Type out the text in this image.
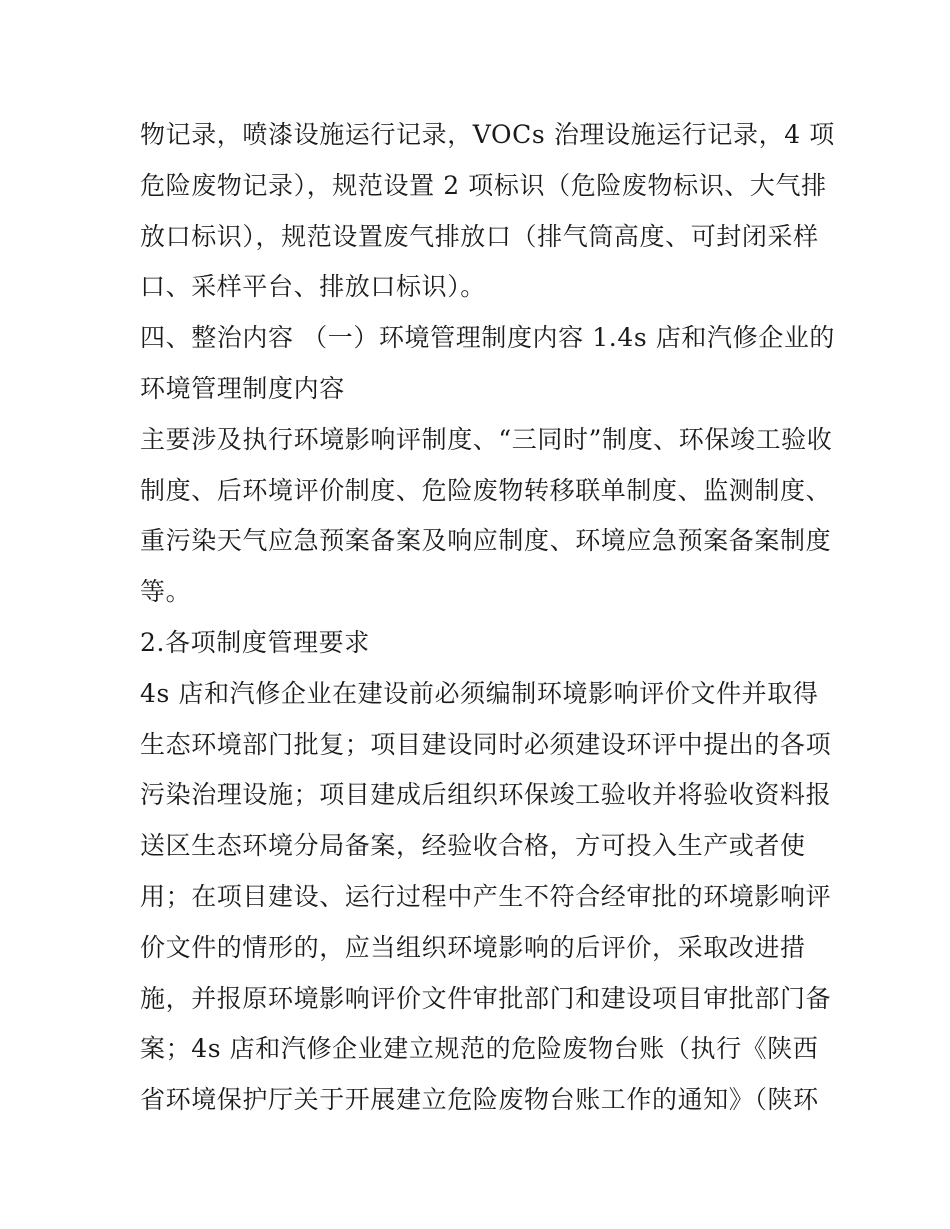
物记录，喷漆设施运行记录，VOCs 治理设施运行记录，4 项
危险废物记录），规范设置 2 项标识（危险废物标识、大气排
放口标识），规范设置废气排放口（排气筒高度、可封闭采样
口、采样平台、排放口标识）。
四、整治内容 （一）环境管理制度内容 1.4s 店和汽修企业的
环境管理制度内容
主要涉及执行环境影响评制度、“三同时”制度、环保竣工验收
制度、后环境评价制度、危险废物转移联单制度、监测制度、
重污染天气应急预案备案及响应制度、环境应急预案备案制度
等。
2.各项制度管理要求
4s 店和汽修企业在建设前必须编制环境影响评价文件并取得
生态环境部门批复；项目建设同时必须建设环评中提出的各项
污染治理设施；项目建成后组织环保竣工验收并将验收资料报
送区生态环境分局备案，经验收合格，方可投入生产或者使
用；在项目建设、运行过程中产生不符合经审批的环境影响评
价文件的情形的，应当组织环境影响的后评价，采取改进措
施，并报原环境影响评价文件审批部门和建设项目审批部门备
案；4s 店和汽修企业建立规范的危险废物台账（执行《陕西
省环境保护厅关于开展建立危险废物台账工作的通知》（陕环
